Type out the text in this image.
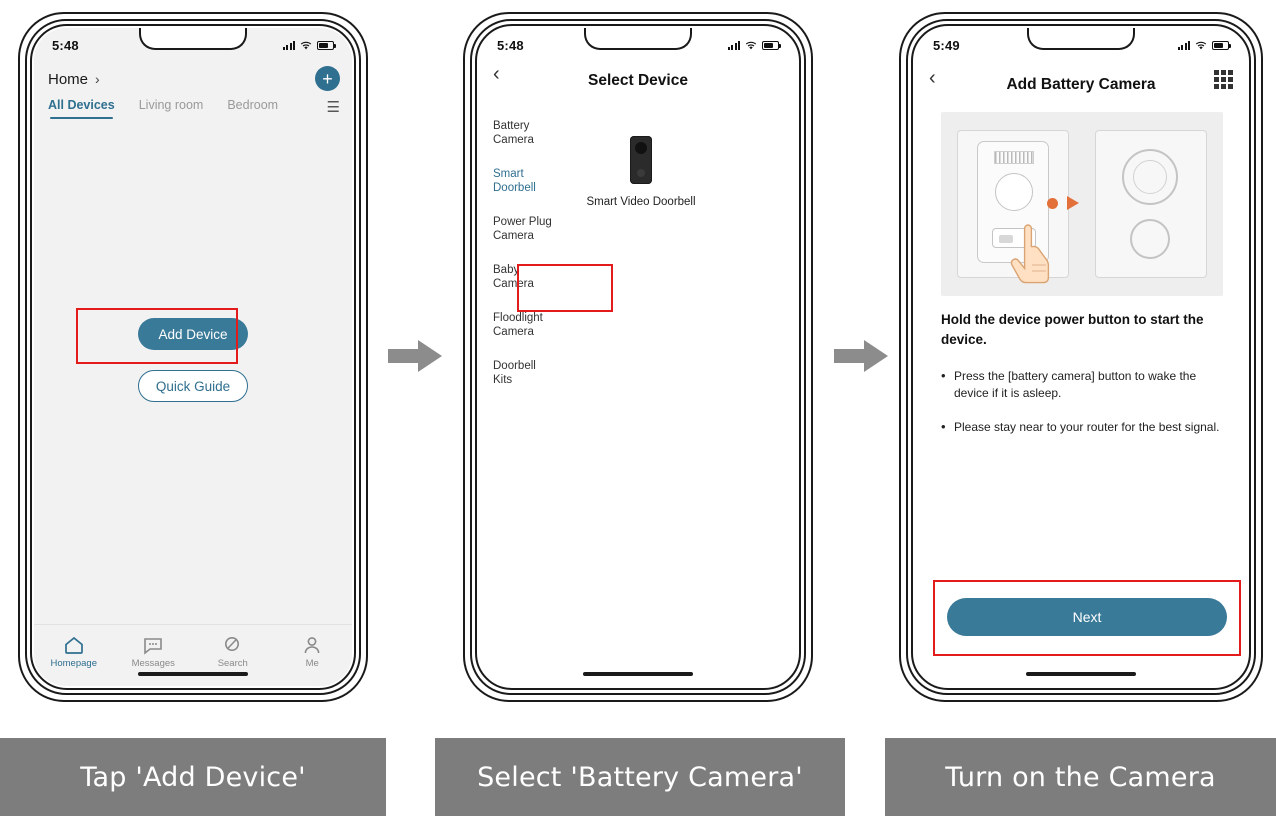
5:48
Home ›	+
All Devices Living room Bedroom	☰
Add Device
Quick Guide
Homepage	Messages	Search	Me
5:48
‹	Select Device
Battery
Camera
Smart
Doorbell
Power Plug
Camera
Baby
Camera
Floodlight
Camera
Doorbell
Kits
Smart Video Doorbell
5:49
‹	Add Battery Camera
Hold the device power button to start the device.
• Press the [battery camera] button to wake the device if it is asleep.
• Please stay near to your router for the best signal.
Next
Tap 'Add Device'	Select 'Battery Camera'	Turn on the Camera
